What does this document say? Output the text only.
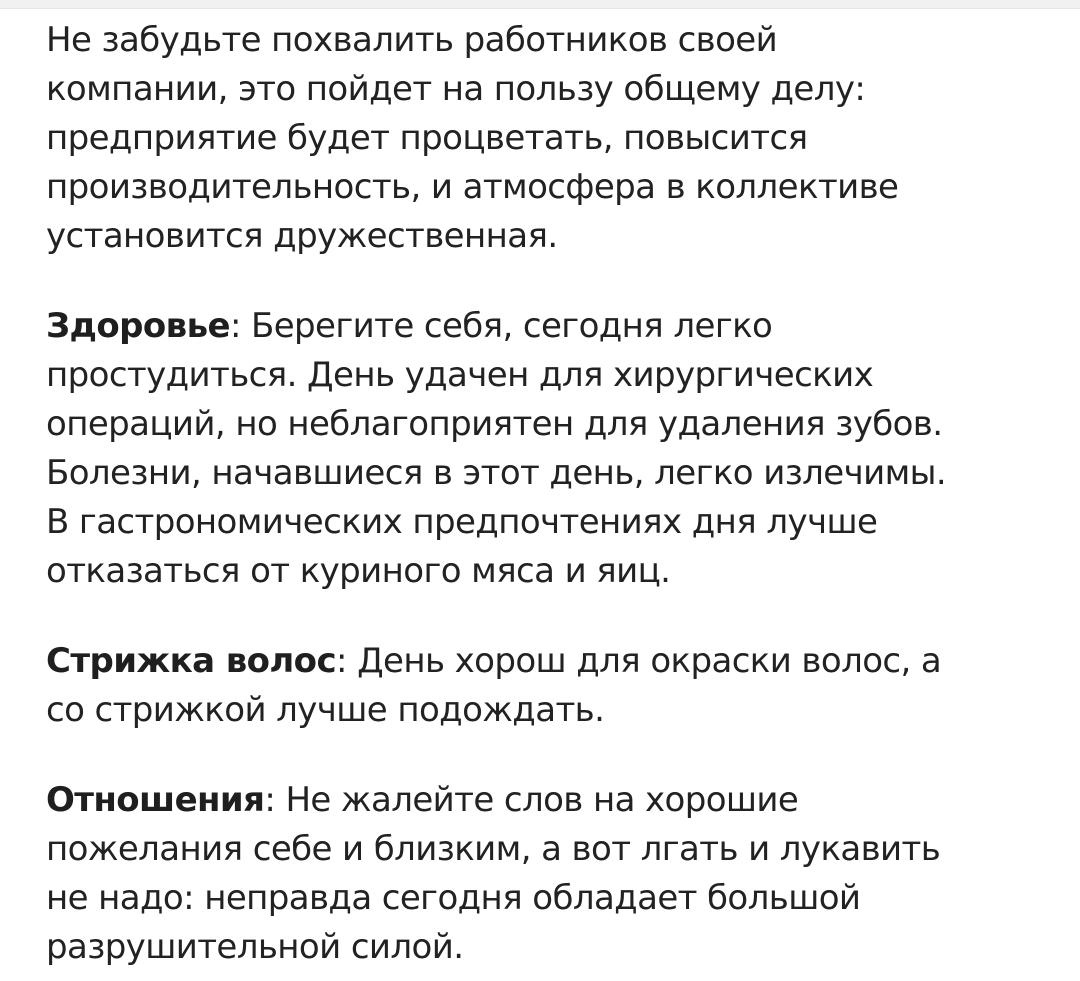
Не забудьте похвалить работников своей
компании, это пойдет на пользу общему делу:
предприятие будет процветать, повысится
производительность, и атмосфера в коллективе
установится дружественная.

Здоровье: Берегите себя, сегодня легко
простудиться. День удачен для хирургических
операций, но неблагоприятен для удаления зубов.
Болезни, начавшиеся в этот день, легко излечимы.
В гастрономических предпочтениях дня лучше
отказаться от куриного мяса и яиц.

Стрижка волос: День хорош для окраски волос, а
со стрижкой лучше подождать.

Отношения: Не жалейте слов на хорошие
пожелания себе и близким, а вот лгать и лукавить
не надо: неправда сегодня обладает большой
разрушительной силой.
